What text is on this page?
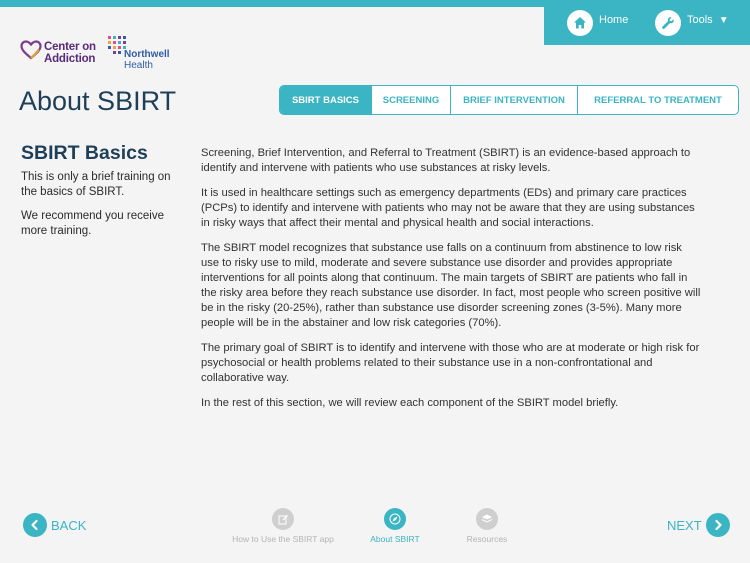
Home	Tools ▼
Center on
Addiction	Northwell
Health
About SBIRT	SBIRT BASICS	SCREENING	BRIEF INTERVENTION	REFERRAL TO TREATMENT
SBIRT Basics

This is only a brief training on the basics of SBIRT.

We recommend you receive more training.

Screening, Brief Intervention, and Referral to Treatment (SBIRT) is an evidence-based approach to identify and intervene with patients who use substances at risky levels.

It is used in healthcare settings such as emergency departments (EDs) and primary care practices (PCPs) to identify and intervene with patients who may not be aware that they are using substances in risky ways that affect their mental and physical health and social interactions.

The SBIRT model recognizes that substance use falls on a continuum from abstinence to low risk use to risky use to mild, moderate and severe substance use disorder and provides appropriate interventions for all points along that continuum. The main targets of SBIRT are patients who fall in the risky area before they reach substance use disorder. In fact, most people who screen positive will be in the risky (20-25%), rather than substance use disorder screening zones (3-5%). Many more people will be in the abstainer and low risk categories (70%).

The primary goal of SBIRT is to identify and intervene with those who are at moderate or high risk for psychosocial or health problems related to their substance use in a non-confrontational and collaborative way.

In the rest of this section, we will review each component of the SBIRT model briefly.

BACK
How to Use the SBIRT app	About SBIRT	Resources
NEXT
